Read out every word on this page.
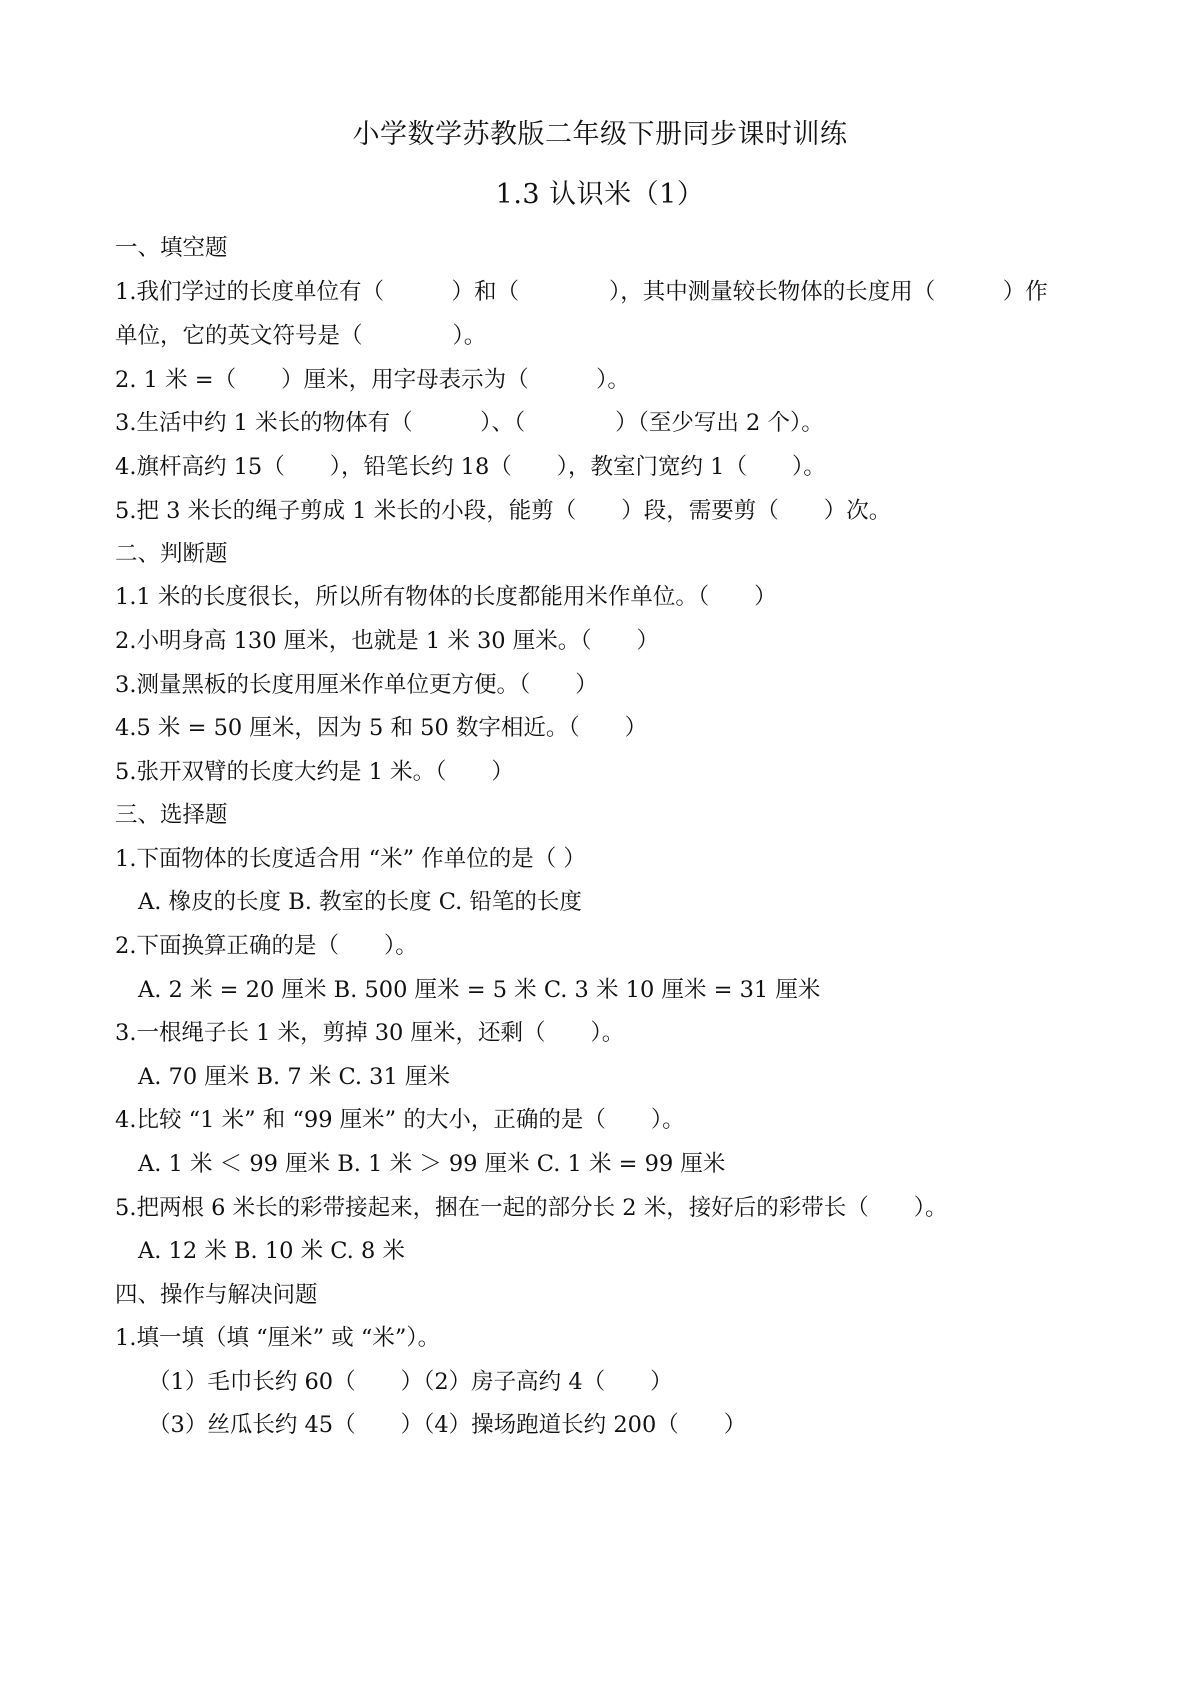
小学数学苏教版二年级下册同步课时训练
1.3 认识米（1）
一、填空题
1.我们学过的长度单位有（　　　）和（　　　　），其中测量较长物体的长度用（　　　）作
单位，它的英文符号是（　　　　）。
2. 1 米 =（　　）厘米，用字母表示为（　　　）。
3.生活中约 1 米长的物体有（　　　）、（　　　　）（至少写出 2 个）。
4.旗杆高约 15（　　），铅笔长约 18（　　），教室门宽约 1（　　）。
5.把 3 米长的绳子剪成 1 米长的小段，能剪（　　）段，需要剪（　　）次。
二、判断题
1.1 米的长度很长，所以所有物体的长度都能用米作单位。（　　）
2.小明身高 130 厘米，也就是 1 米 30 厘米。（　　）
3.测量黑板的长度用厘米作单位更方便。（　　）
4.5 米 = 50 厘米，因为 5 和 50 数字相近。（　　）
5.张开双臂的长度大约是 1 米。（　　）
三、选择题
1.下面物体的长度适合用 “米” 作单位的是（ ）
A. 橡皮的长度 B. 教室的长度 C. 铅笔的长度
2.下面换算正确的是（　　）。
A. 2 米 = 20 厘米 B. 500 厘米 = 5 米 C. 3 米 10 厘米 = 31 厘米
3.一根绳子长 1 米，剪掉 30 厘米，还剩（　　）。
A. 70 厘米 B. 7 米 C. 31 厘米
4.比较 “1 米” 和 “99 厘米” 的大小，正确的是（　　）。
A. 1 米 ＜ 99 厘米 B. 1 米 ＞ 99 厘米 C. 1 米 = 99 厘米
5.把两根 6 米长的彩带接起来，捆在一起的部分长 2 米，接好后的彩带长（　　）。
A. 12 米 B. 10 米 C. 8 米
四、操作与解决问题
1.填一填（填 “厘米” 或 “米”）。
（1）毛巾长约 60（　　）（2）房子高约 4（　　）
（3）丝瓜长约 45（　　）（4）操场跑道长约 200（　　）
